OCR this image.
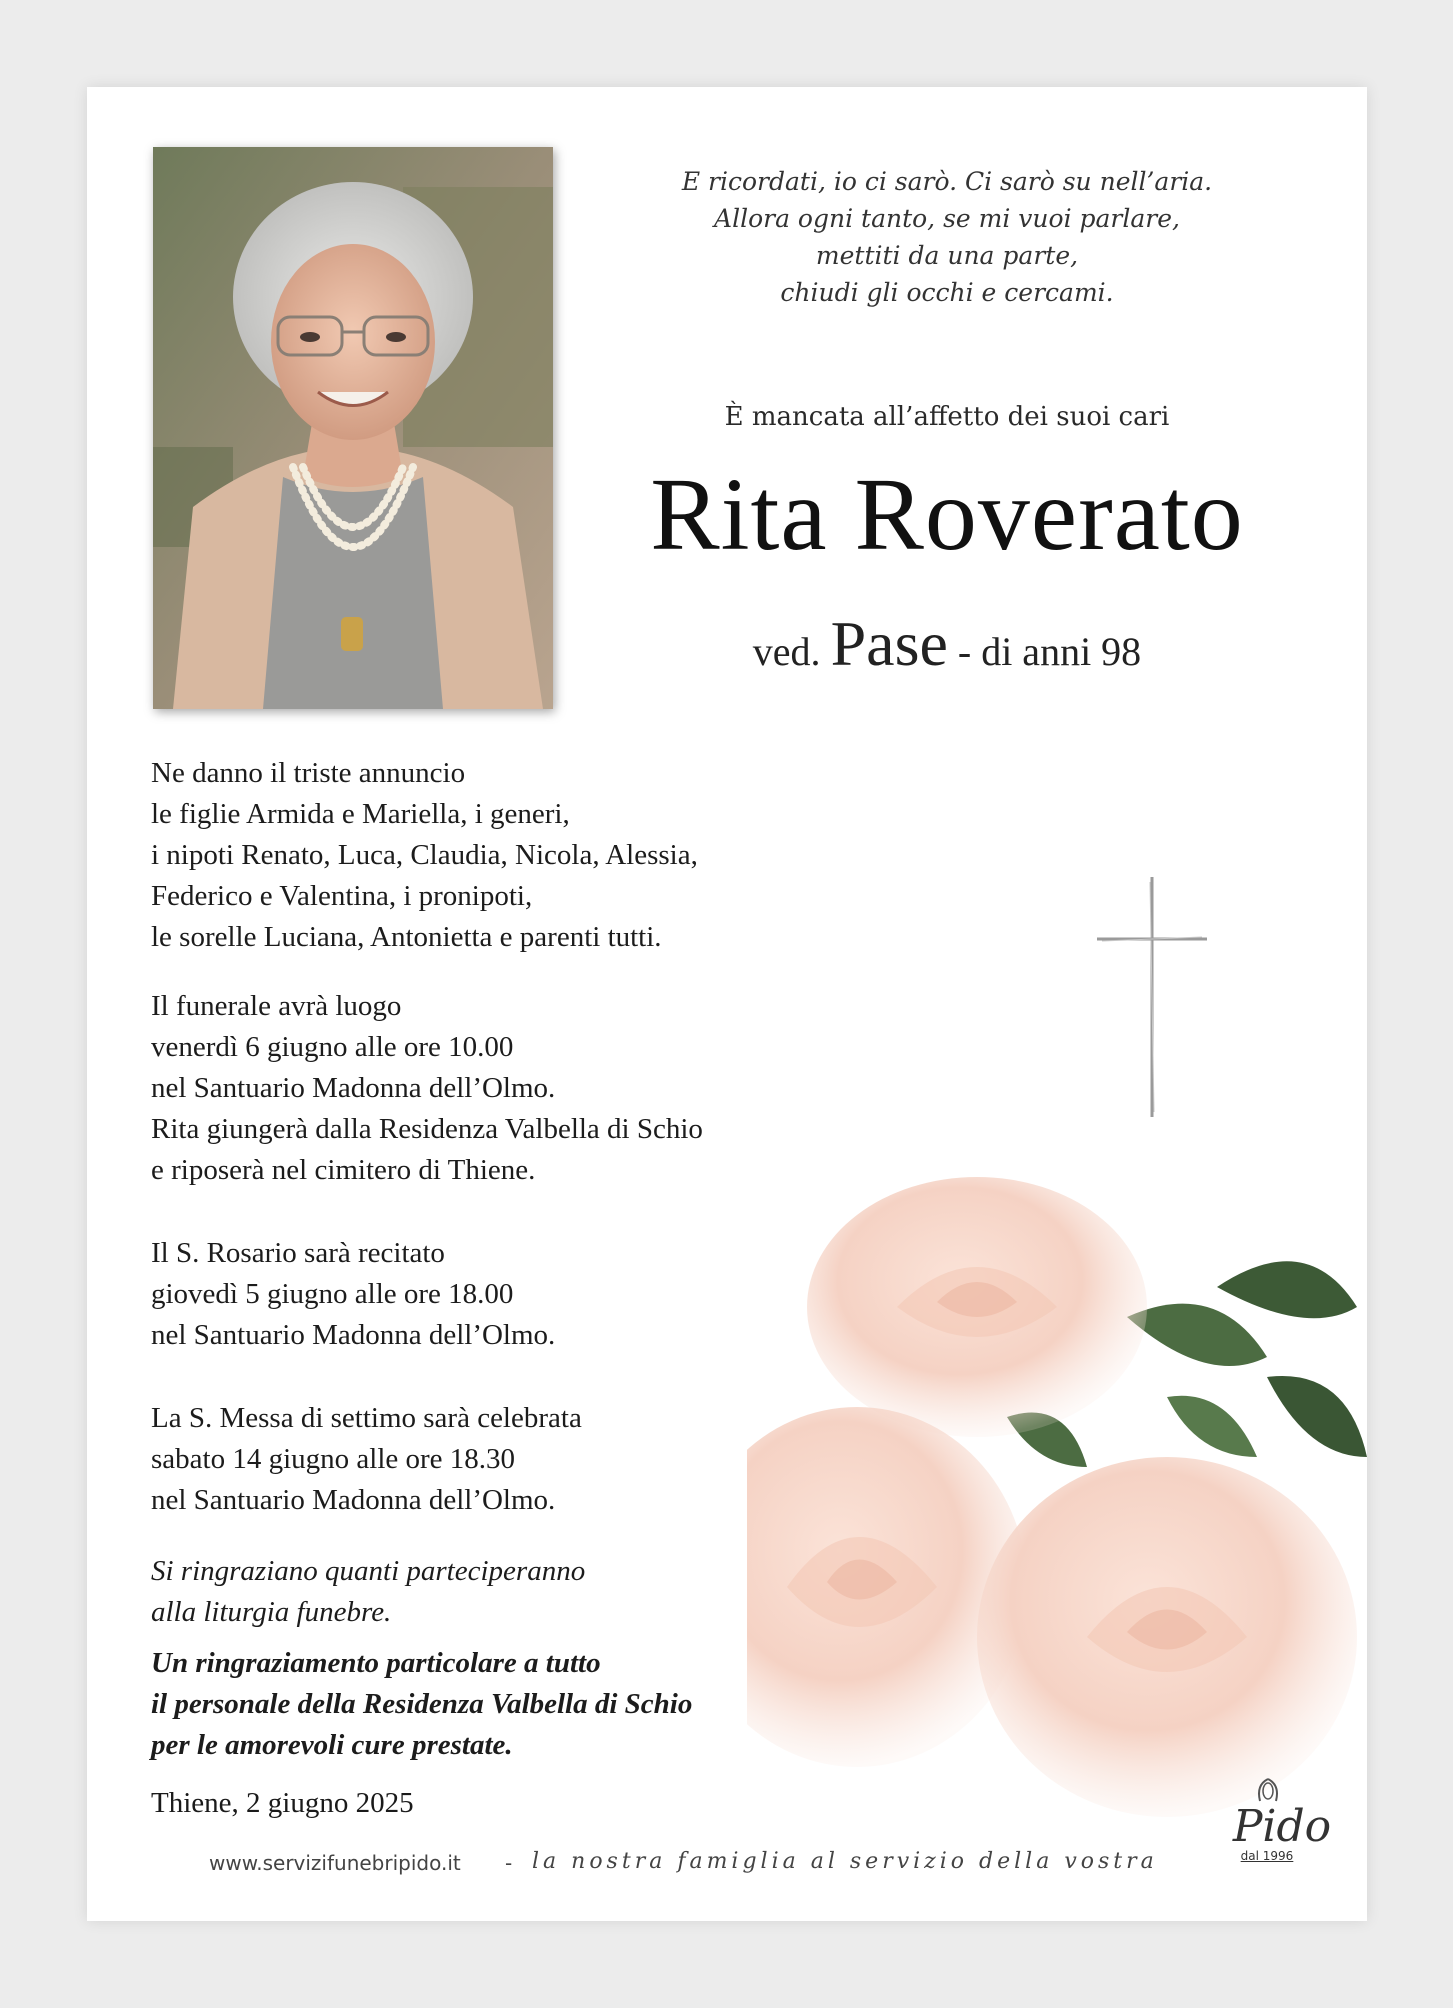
E ricordati, io ci sarò. Ci sarò su nell’aria.
Allora ogni tanto, se mi vuoi parlare,
mettiti da una parte,
chiudi gli occhi e cercami.
È mancata all’affetto dei suoi cari
Rita Roverato
ved. Pase - di anni 98
Ne danno il triste annuncio
le figlie Armida e Mariella, i generi,
i nipoti Renato, Luca, Claudia, Nicola, Alessia,
Federico e Valentina, i pronipoti,
le sorelle Luciana, Antonietta e parenti tutti.
Il funerale avrà luogo
venerdì 6 giugno alle ore 10.00
nel Santuario Madonna dell’Olmo.
Rita giungerà dalla Residenza Valbella di Schio
e riposerà nel cimitero di Thiene.
Il S. Rosario sarà recitato
giovedì 5 giugno alle ore 18.00
nel Santuario Madonna dell’Olmo.
La S. Messa di settimo sarà celebrata
sabato 14 giugno alle ore 18.30
nel Santuario Madonna dell’Olmo.
Si ringraziano quanti parteciperanno
alla liturgia funebre.
Un ringraziamento particolare a tutto
il personale della Residenza Valbella di Schio
per le amorevoli cure prestate.
Thiene, 2 giugno 2025	Pido
dal 1996
www.servizifunebripido.it - la nostra famiglia al servizio della vostra
